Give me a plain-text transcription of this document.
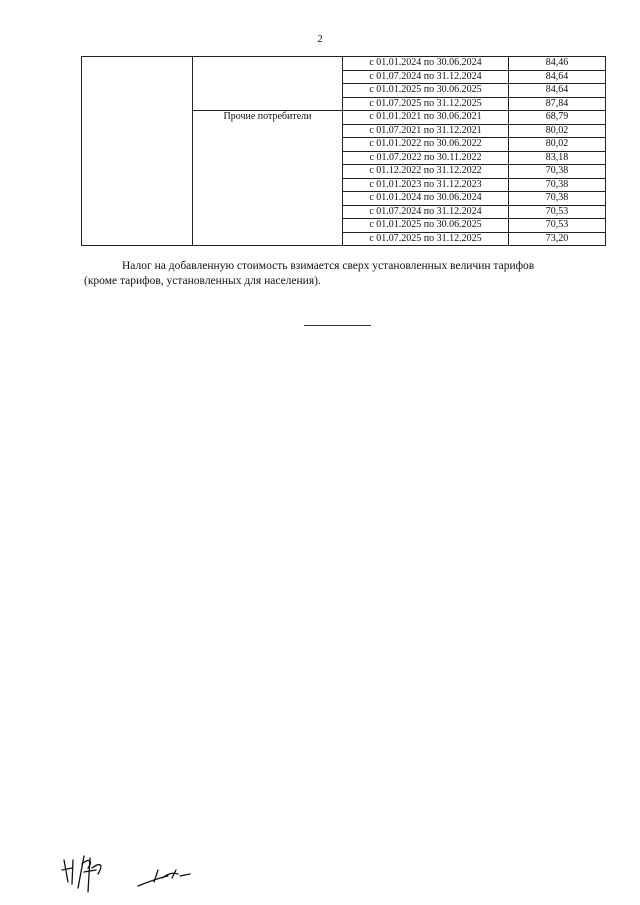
2
		с 01.01.2024 по 30.06.2024	84,46
		с 01.07.2024 по 31.12.2024	84,64
		с 01.01.2025 по 30.06.2025	84,64
		с 01.07.2025 по 31.12.2025	87,84
	Прочие потребители	с 01.01.2021 по 30.06.2021	68,79
		с 01.07.2021 по 31.12.2021	80,02
		с 01.01.2022 по 30.06.2022	80,02
		с 01.07.2022 по 30.11.2022	83,18
		с 01.12.2022 по 31.12.2022	70,38
		с 01.01.2023 по 31.12.2023	70,38
		с 01.01.2024 по 30.06.2024	70,38
		с 01.07.2024 по 31.12.2024	70,53
		с 01.01.2025 по 30.06.2025	70,53
		с 01.07.2025 по 31.12.2025	73,20
Налог на добавленную стоимость взимается сверх установленных величин тарифов
(кроме тарифов, установленных для населения).
